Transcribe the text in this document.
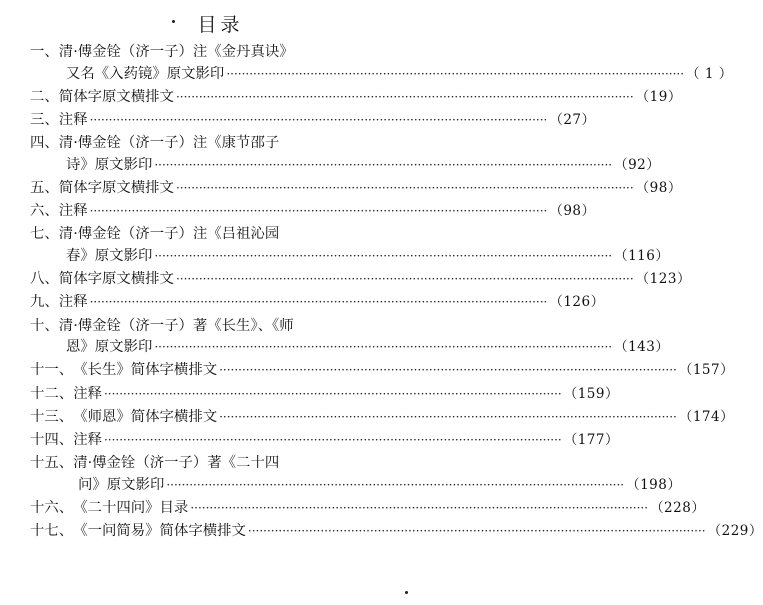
目录
一、 清·傅金铨（济一子）注《金丹真诀》
又名《入药镜》原文影印 ························································································································ （ 1 ）
二、 简体字原文横排文 ························································································································ （19）
三、 注释 ························································································································ （27）
四、 清·傅金铨（济一子）注《康节邵子
诗》原文影印 ························································································································ （92）
五、 简体字原文横排文 ························································································································ （98）
六、 注释 ························································································································ （98）
七、 清·傅金铨（济一子）注《吕祖沁园
春》原文影印 ························································································································ （116）
八、 简体字原文横排文 ························································································································ （123）
九、 注释 ························································································································ （126）
十、 清·傅金铨（济一子）著《长生》、《师
恩》原文影印 ························································································································ （143）
十一、 《长生》简体字横排文 ························································································································ （157）
十二、 注释 ························································································································ （159）
十三、 《师恩》简体字横排文 ························································································································ （174）
十四、 注释 ························································································································ （177）
十五、 清·傅金铨（济一子）著《二十四
问》原文影印 ························································································································ （198）
十六、 《二十四问》目录 ························································································································ （228）
十七、 《一问简易》简体字横排文 ························································································································ （229）
